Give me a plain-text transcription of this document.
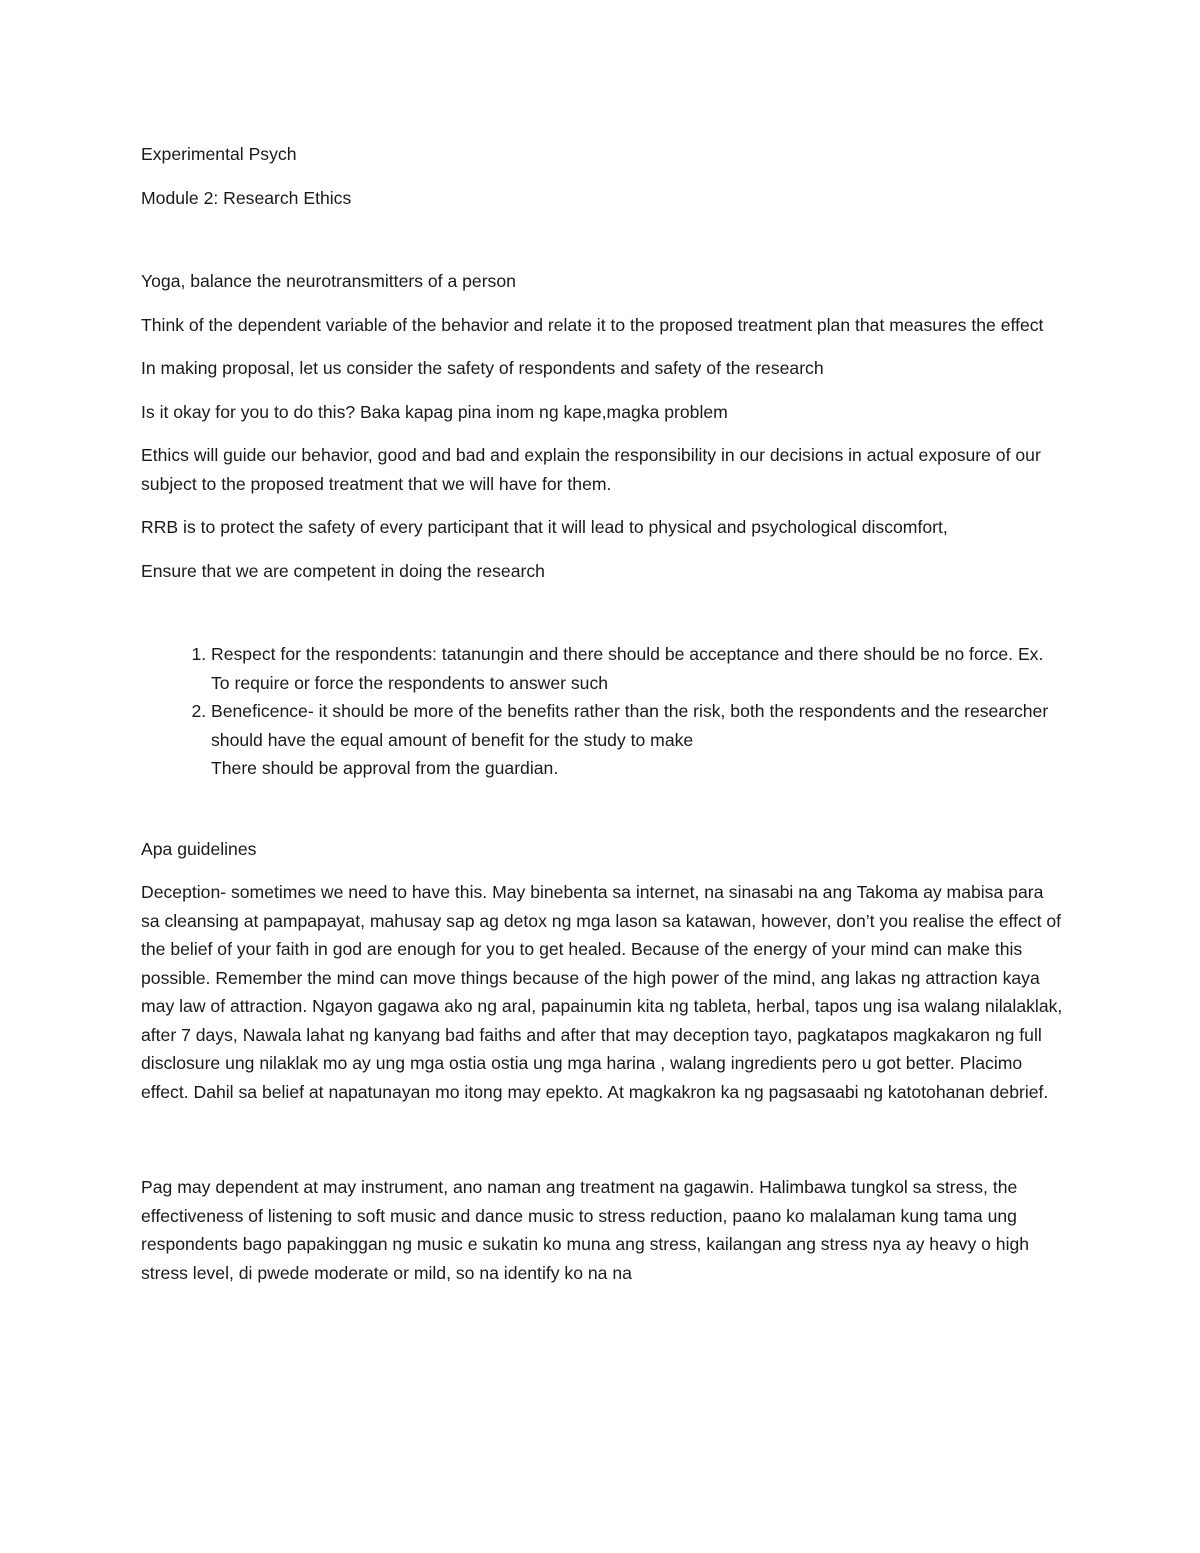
Experimental Psych

Module 2: Research Ethics

Yoga, balance the neurotransmitters of a person

Think of the dependent variable of the behavior and relate it to the proposed treatment plan that measures the effect

In making proposal, let us consider the safety of respondents and safety of the research

Is it okay for you to do this? Baka kapag pina inom ng kape,magka problem

Ethics will guide our behavior, good and bad and explain the responsibility in our decisions in actual exposure of our subject to the proposed treatment that we will have for them.

RRB is to protect the safety of every participant that it will lead to physical and psychological discomfort,

Ensure that we are competent in doing the research

1. Respect for the respondents: tatanungin and there should be acceptance and there should be no force. Ex. To require or force the respondents to answer such
2. Beneficence- it should be more of the benefits rather than the risk, both the respondents and the researcher should have the equal amount of benefit for the study to make
There should be approval from the guardian.

Apa guidelines

Deception- sometimes we need to have this. May binebenta sa internet, na sinasabi na ang Takoma ay mabisa para sa cleansing at pampapayat, mahusay sap ag detox ng mga lason sa katawan, however, don’t you realise the effect of the belief of your faith in god are enough for you to get healed. Because of the energy of your mind can make this possible. Remember the mind can move things because of the high power of the mind, ang lakas ng attraction kaya may law of attraction. Ngayon gagawa ako ng aral, papainumin kita ng tableta, herbal, tapos ung isa walang nilalaklak, after 7 days, Nawala lahat ng kanyang bad faiths and after that may deception tayo, pagkatapos magkakaron ng full disclosure ung nilaklak mo ay ung mga ostia ostia ung mga harina , walang ingredients pero u got better. Placimo effect. Dahil sa belief at napatunayan mo itong may epekto. At magkakron ka ng pagsasaabi ng katotohanan debrief.

Pag may dependent at may instrument, ano naman ang treatment na gagawin. Halimbawa tungkol sa stress, the effectiveness of listening to soft music and dance music to stress reduction, paano ko malalaman kung tama ung respondents bago papakinggan ng music e sukatin ko muna ang stress, kailangan ang stress nya ay heavy o high stress level, di pwede moderate or mild, so na identify ko na na
